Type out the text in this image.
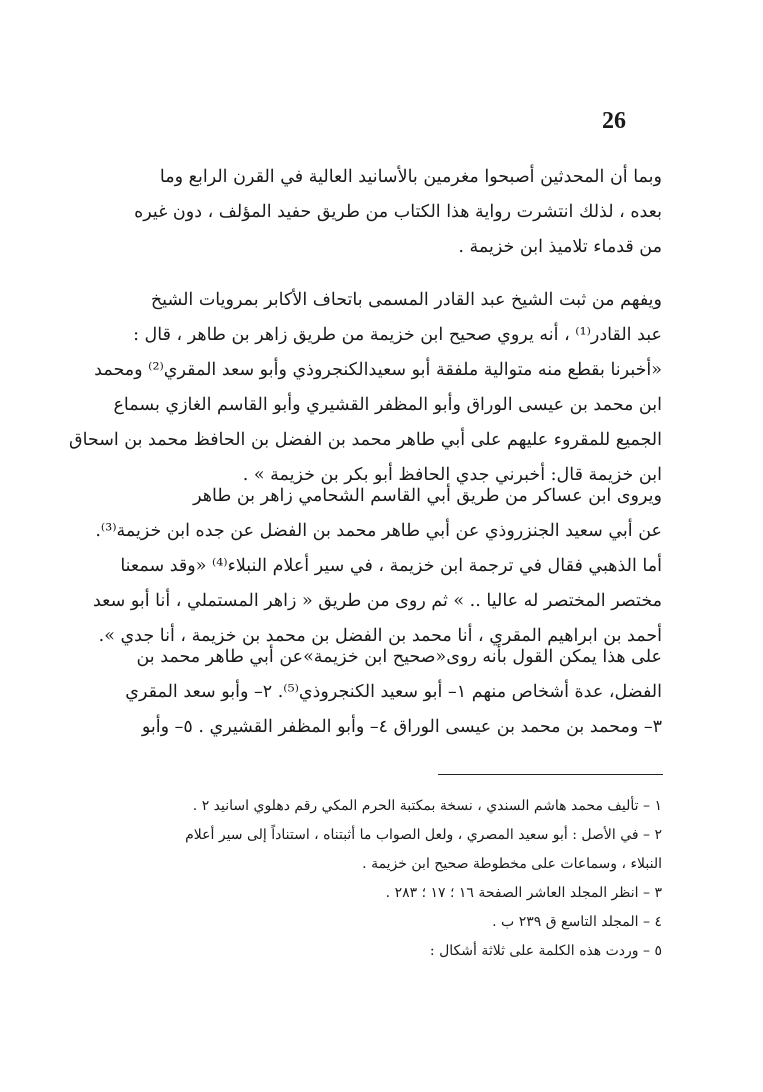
26
وبما أن المحدثين أصبحوا مغرمين بالأسانيد العالية في القرن الرابع وما
بعده ، لذلك انتشرت رواية هذا الكتاب من طريق حفيد المؤلف ، دون غيره
من قدماء تلاميذ ابن خزيمة .
ويفهم من ثبت الشيخ عبد القادر المسمى باتحاف الأكابر بمرويات الشيخ
عبد القادر⁽¹⁾ ، أنه يروي صحيح ابن خزيمة من طريق زاهر بن طاهر ، قال :
«أخبرنا بقطع منه متوالية ملفقة أبو سعيدالكنجروذي وأبو سعد المقري⁽²⁾ ومحمد
ابن محمد بن عيسى الوراق وأبو المظفر القشيري وأبو القاسم الغازي بسماع
الجميع للمقروء عليهم على أبي طاهر محمد بن الفضل بن الحافظ محمد بن اسحاق
ابن خزيمة قال: أخبرني جدي الحافظ أبو بكر بن خزيمة » .
ويروى ابن عساكر من طريق أبي القاسم الشحامي زاهر بن طاهر
عن أبي سعيد الجنزروذي عن أبي طاهر محمد بن الفضل عن جده ابن خزيمة⁽³⁾.
أما الذهبي فقال في ترجمة ابن خزيمة ، في سير أعلام النبلاء⁽⁴⁾ «وقد سمعنا
مختصر المختصر له عاليا .. » ثم روى من طريق « زاهر المستملي ، أنا أبو سعد
أحمد بن ابراهيم المقري ، أنا محمد بن الفضل بن محمد بن خزيمة ، أنا جدي ».
على هذا يمكن القول بأنه روى«صحيح ابن خزيمة»عن أبي طاهر محمد بن
الفضل، عدة أشخاص منهم ١– أبو سعيد الكنجروذي⁽⁵⁾. ٢– وأبو سعد المقري
٣– ومحمد بن محمد بن عيسى الوراق ٤– وأبو المظفر القشيري . ٥– وأبو
١ – تأليف محمد هاشم السندي ، نسخة بمكتبة الحرم المكي رقم دهلوي اسانيد ٢ .
٢ – في الأصل : أبو سعيد المصري ، ولعل الصواب ما أثبتناه ، استناداً إلى سير أعلام
النبلاء ، وسماعات على مخطوطة صحيح ابن خزيمة .
٣ – انظر المجلد العاشر الصفحة ١٦ ؛ ١٧ ؛ ٢٨٣ .
٤ – المجلد التاسع ق ٢٣٩ ب .
٥ – وردت هذه الكلمة على ثلاثة أشكال :
